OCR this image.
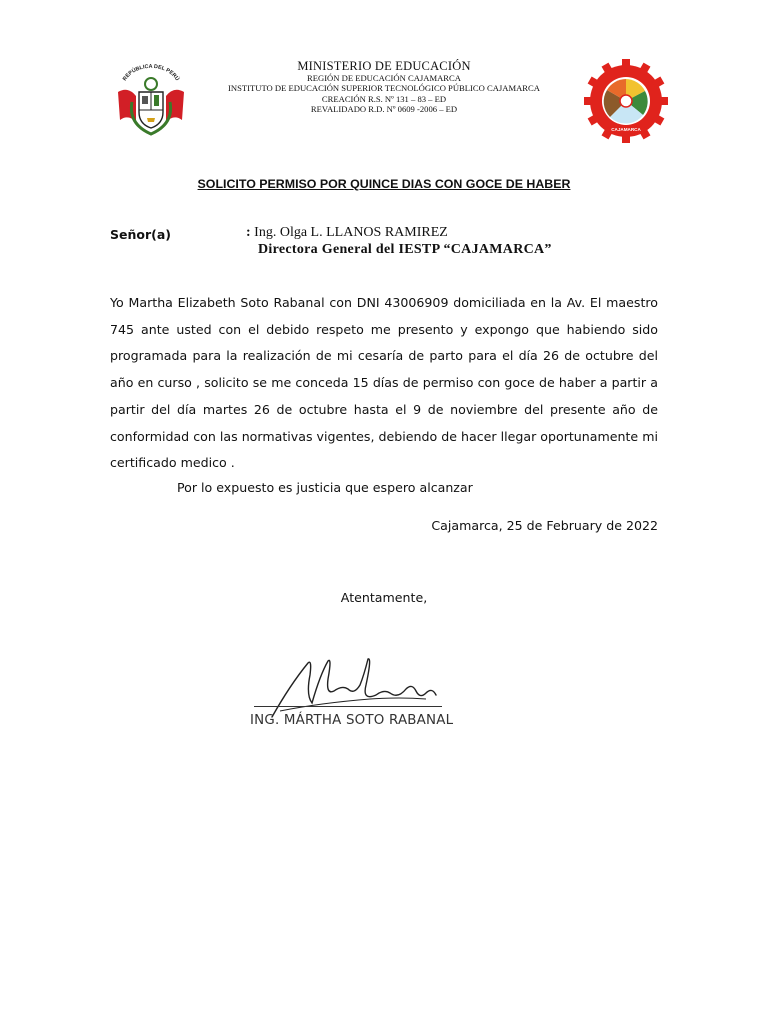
REPÚBLICA DEL PERÚ
MINISTERIO DE EDUCACIÓN
REGIÓN DE EDUCACIÓN CAJAMARCA
INSTITUTO DE EDUCACIÓN SUPERIOR TECNOLÓGICO PÚBLICO CAJAMARCA
CREACIÓN R.S. Nº 131 – 83 – ED
REVALIDADO R.D. Nº 0609 -2006 – ED
CAJAMARCA
SOLICITO PERMISO POR QUINCE DIAS CON GOCE DE HABER
Señor(a)	: Ing. Olga L. LLANOS RAMIREZ
Directora General del IESTP “CAJAMARCA”
Yo Martha Elizabeth Soto Rabanal con DNI 43006909 domiciliada en la Av. El maestro 745 ante usted con el debido respeto me presento y expongo que habiendo sido programada para la realización de mi cesaría de parto para el día 26 de octubre del año en curso , solicito se me conceda 15 días de permiso con goce de haber a partir a partir del día martes 26 de octubre hasta el 9 de noviembre del presente año de conformidad con las normativas vigentes, debiendo de hacer llegar oportunamente mi certificado medico .
Por lo expuesto es justicia que espero alcanzar
Cajamarca, 25 de February de 2022
Atentamente,
ING. MÁRTHA SOTO RABANAL
